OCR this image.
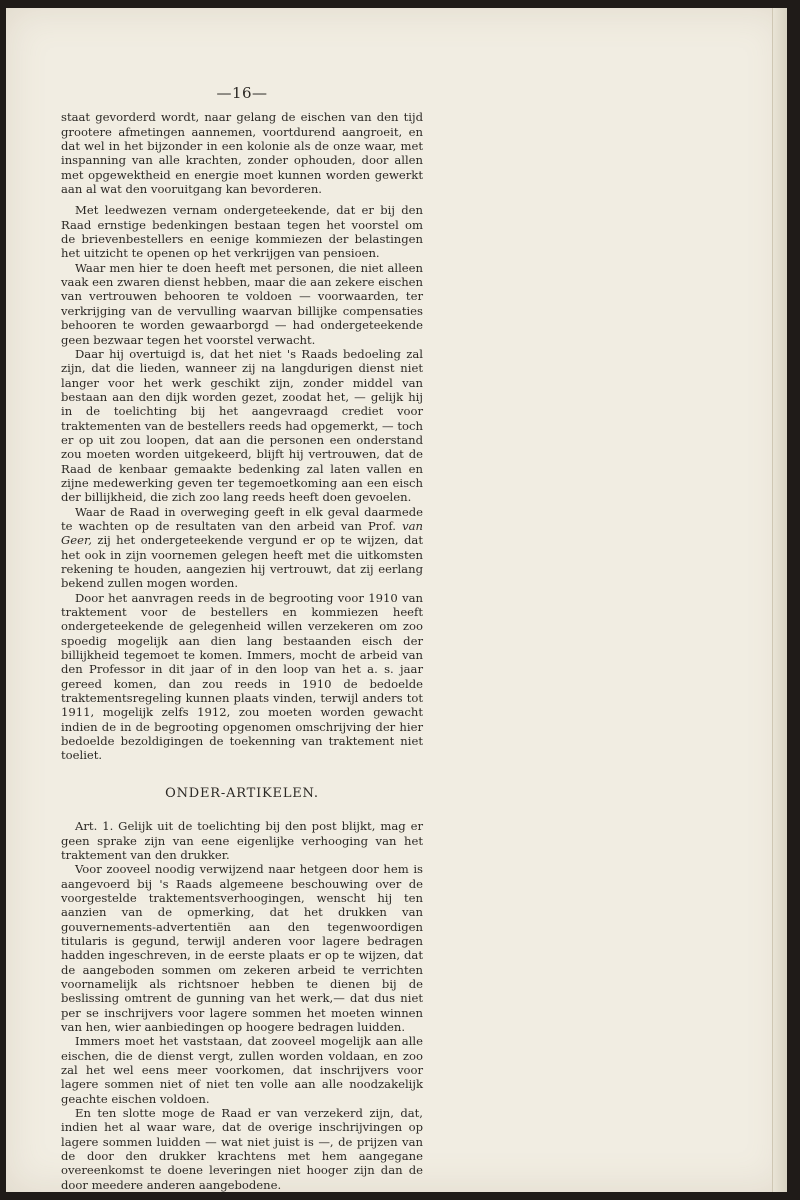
—16—

staat gevorderd wordt, naar gelang de eischen van den tijd grootere afmetingen aannemen, voortdurend aangroeit, en dat wel in het bijzonder in een kolonie als de onze waar, met inspanning van alle krachten, zonder ophouden, door allen met opgewektheid en energie moet kunnen worden gewerkt aan al wat den vooruitgang kan bevorderen.

Met leedwezen vernam ondergeteekende, dat er bij den Raad ernstige bedenkingen bestaan tegen het voorstel om de brievenbestellers en eenige kommiezen der belastingen het uitzicht te openen op het verkrijgen van pensioen.

Waar men hier te doen heeft met personen, die niet alleen vaak een zwaren dienst hebben, maar die aan zekere eischen van vertrouwen behooren te voldoen — voorwaarden, ter verkrijging van de vervulling waarvan billijke compensaties behooren te worden gewaarborgd — had ondergeteekende geen bezwaar tegen het voorstel verwacht.

Daar hij overtuigd is, dat het niet 's Raads bedoeling zal zijn, dat die lieden, wanneer zij na langdurigen dienst niet langer voor het werk geschikt zijn, zonder middel van bestaan aan den dijk worden gezet, zoodat het, — gelijk hij in de toelichting bij het aangevraagd crediet voor traktementen van de bestellers reeds had opgemerkt, — toch er op uit zou loopen, dat aan die personen een onderstand zou moeten worden uitgekeerd, blijft hij vertrouwen, dat de Raad de kenbaar gemaakte bedenking zal laten vallen en zijne medewerking geven ter tegemoetkoming aan een eisch der billijkheid, die zich zoo lang reeds heeft doen gevoelen.

Waar de Raad in overweging geeft in elk geval daarmede te wachten op de resultaten van den arbeid van Prof. van Geer, zij het ondergeteekende vergund er op te wijzen, dat het ook in zijn voornemen gelegen heeft met die uitkomsten rekening te houden, aangezien hij vertrouwt, dat zij eerlang bekend zullen mogen worden.

Door het aanvragen reeds in de begrooting voor 1910 van traktement voor de bestellers en kommiezen heeft ondergeteekende de gelegenheid willen verzekeren om zoo spoedig mogelijk aan dien lang bestaanden eisch der billijkheid tegemoet te komen. Immers, mocht de arbeid van den Professor in dit jaar of in den loop van het a. s. jaar gereed komen, dan zou reeds in 1910 de bedoelde traktementsregeling kunnen plaats vinden, terwijl anders tot 1911, mogelijk zelfs 1912, zou moeten worden gewacht indien de in de begrooting opgenomen omschrijving der hier bedoelde bezoldigingen de toekenning van traktement niet toeliet.

ONDER-ARTIKELEN.

Art. 1. Gelijk uit de toelichting bij den post blijkt, mag er geen sprake zijn van eene eigenlijke verhooging van het traktement van den drukker.

Voor zooveel noodig verwijzend naar hetgeen door hem is aangevoerd bij 's Raads algemeene beschouwing over de voorgestelde traktementsverhoogingen, wenscht hij ten aanzien van de opmerking, dat het drukken van gouvernements-advertentiën aan den tegenwoordigen titularis is gegund, terwijl anderen voor lagere bedragen hadden ingeschreven, in de eerste plaats er op te wijzen, dat de aangeboden sommen om zekeren arbeid te verrichten voornamelijk als richtsnoer hebben te dienen bij de beslissing omtrent de gunning van het werk,— dat dus niet per se inschrijvers voor lagere sommen het moeten winnen van hen, wier aanbiedingen op hoogere bedragen luidden.

Immers moet het vaststaan, dat zooveel mogelijk aan alle eischen, die de dienst vergt, zullen worden voldaan, en zoo zal het wel eens meer voorkomen, dat inschrijvers voor lagere sommen niet of niet ten volle aan alle noodzakelijk geachte eischen voldoen.

En ten slotte moge de Raad er van verzekerd zijn, dat, indien het al waar ware, dat de overige inschrijvingen op lagere sommen luidden — wat niet juist is —, de prijzen van de door den drukker krachtens met hem aangegane overeenkomst te doene leveringen niet hooger zijn dan de door meedere anderen aangebodene.
